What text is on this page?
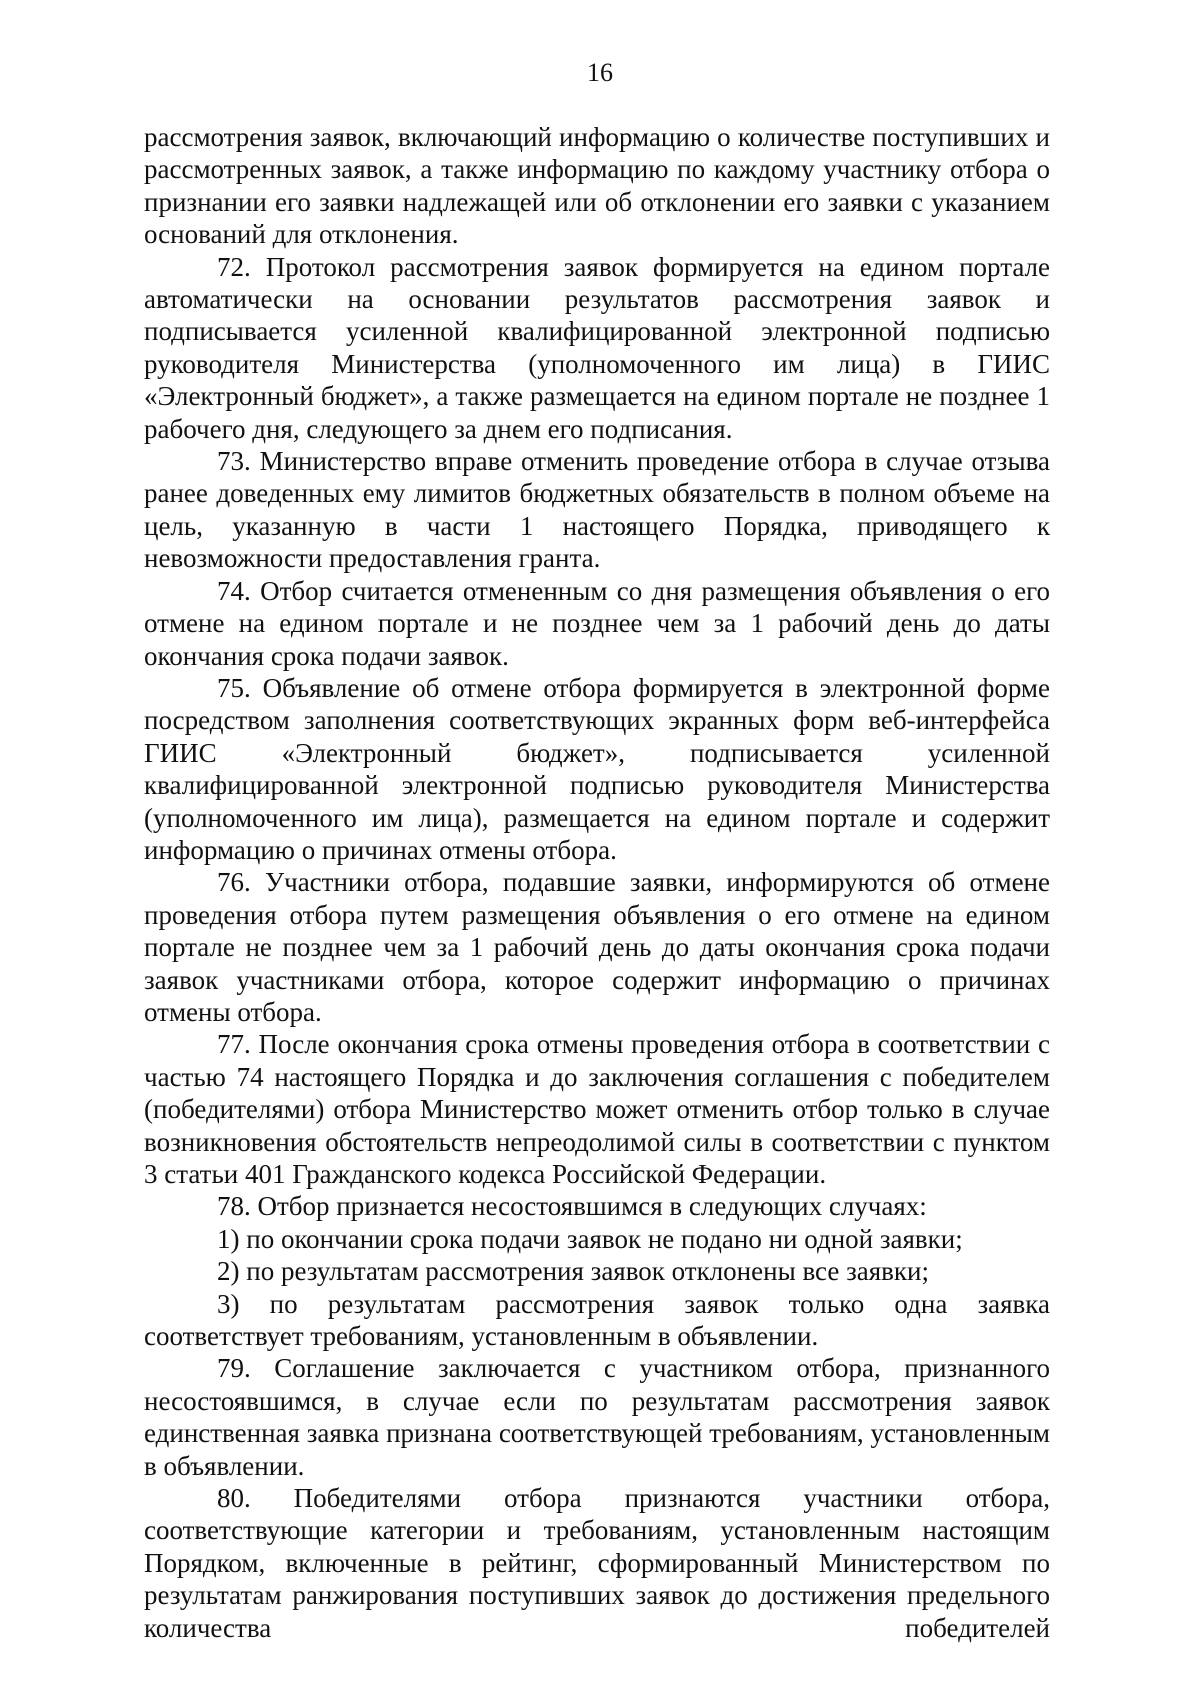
16

рассмотрения заявок, включающий информацию о количестве поступивших и рассмотренных заявок, а также информацию по каждому участнику отбора о признании его заявки надлежащей или об отклонении его заявки с указанием оснований для отклонения.

72. Протокол рассмотрения заявок формируется на едином портале автоматически на основании результатов рассмотрения заявок и подписывается усиленной квалифицированной электронной подписью руководителя Министерства (уполномоченного им лица) в ГИИС «Электронный бюджет», а также размещается на едином портале не позднее 1 рабочего дня, следующего за днем его подписания.

73. Министерство вправе отменить проведение отбора в случае отзыва ранее доведенных ему лимитов бюджетных обязательств в полном объеме на цель, указанную в части 1 настоящего Порядка, приводящего к невозможности предоставления гранта.

74. Отбор считается отмененным со дня размещения объявления о его отмене на едином портале и не позднее чем за 1 рабочий день до даты окончания срока подачи заявок.

75. Объявление об отмене отбора формируется в электронной форме посредством заполнения соответствующих экранных форм веб-интерфейса ГИИС «Электронный бюджет», подписывается усиленной квалифицированной электронной подписью руководителя Министерства (уполномоченного им лица), размещается на едином портале и содержит информацию о причинах отмены отбора.

76. Участники отбора, подавшие заявки, информируются об отмене проведения отбора путем размещения объявления о его отмене на едином портале не позднее чем за 1 рабочий день до даты окончания срока подачи заявок участниками отбора, которое содержит информацию о причинах отмены отбора.

77. После окончания срока отмены проведения отбора в соответствии с частью 74 настоящего Порядка и до заключения соглашения с победителем (победителями) отбора Министерство может отменить отбор только в случае возникновения обстоятельств непреодолимой силы в соответствии с пунктом 3 статьи 401 Гражданского кодекса Российской Федерации.

78. Отбор признается несостоявшимся в следующих случаях:

1) по окончании срока подачи заявок не подано ни одной заявки;

2) по результатам рассмотрения заявок отклонены все заявки;

3) по результатам рассмотрения заявок только одна заявка соответствует требованиям, установленным в объявлении.

79. Соглашение заключается с участником отбора, признанного несостоявшимся, в случае если по результатам рассмотрения заявок единственная заявка признана соответствующей требованиям, установленным в объявлении.

80. Победителями отбора признаются участники отбора, соответствующие категории и требованиям, установленным настоящим Порядком, включенные в рейтинг, сформированный Министерством по результатам ранжирования поступивших заявок до достижения предельного количества победителей
